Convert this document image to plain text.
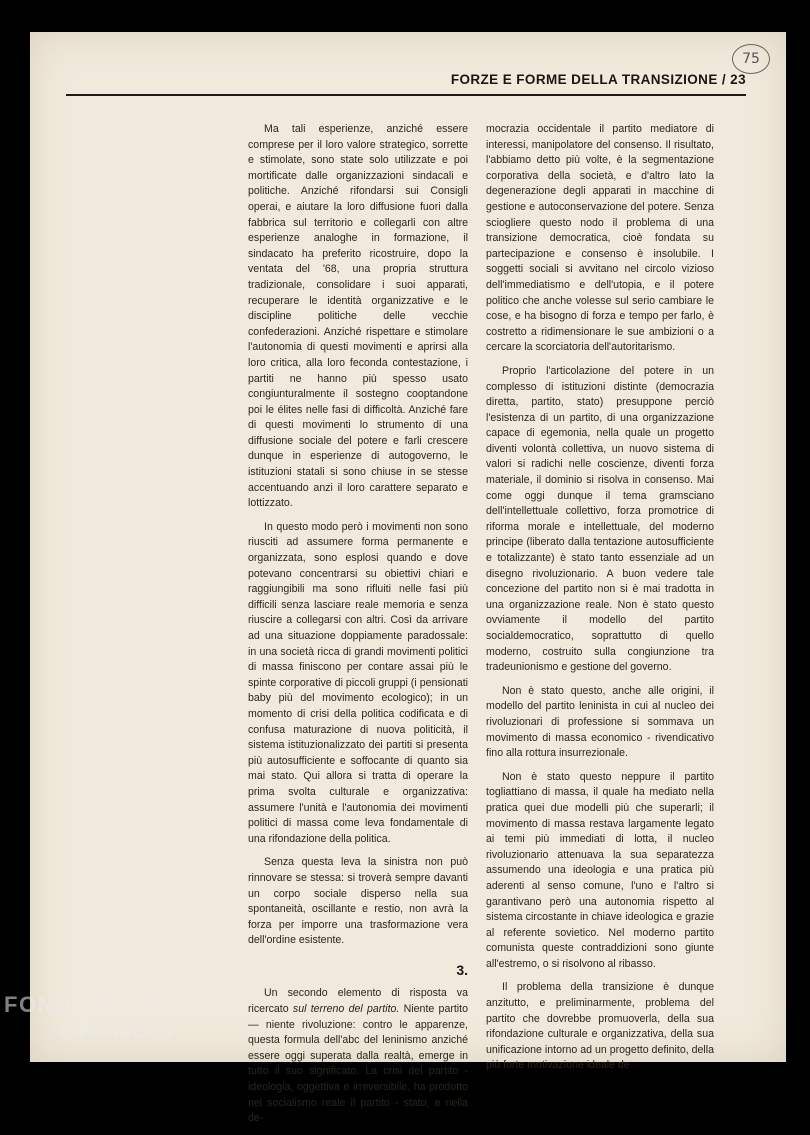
FORZE E FORME DELLA TRANSIZIONE / 23
75

Ma tali esperienze, anziché essere comprese per il loro valore strategico, sorrette e stimolate, sono state solo utilizzate e poi mortificate dalle organizzazioni sindacali e politiche. Anziché rifondarsi sui Consigli operai, e aiutare la loro diffusione fuori dalla fabbrica sul territorio e collegarli con altre esperienze analoghe in formazione, il sindacato ha preferito ricostruire, dopo la ventata del '68, una propria struttura tradizionale, consolidare i suoi apparati, recuperare le identità organizzative e le discipline politiche delle vecchie confederazioni. Anziché rispettare e stimolare l'autonomia di questi movimenti e aprirsi alla loro critica, alla loro feconda contestazione, i partiti ne hanno più spesso usato congiunturalmente il sostegno cooptandone poi le élites nelle fasi di difficoltà. Anziché fare di questi movimenti lo strumento di una diffusione sociale del potere e farli crescere dunque in esperienze di autogoverno, le istituzioni statali si sono chiuse in se stesse accentuando anzi il loro carattere separato e lottizzato.

In questo modo però i movimenti non sono riusciti ad assumere forma permanente e organizzata, sono esplosi quando e dove potevano concentrarsi su obiettivi chiari e raggiungibili ma sono rifluiti nelle fasi più difficili senza lasciare reale memoria e senza riuscire a collegarsi con altri. Così da arrivare ad una situazione doppiamente paradossale: in una società ricca di grandi movimenti politici di massa finiscono per contare assai più le spinte corporative di piccoli gruppi (i pensionati baby più del movimento ecologico); in un momento di crisi della politica codificata e di confusa maturazione di nuova politicità, il sistema istituzionalizzato dei partiti si presenta più autosufficiente e soffocante di quanto sia mai stato. Qui allora si tratta di operare la prima svolta culturale e organizzativa: assumere l'unità e l'autonomia dei movimenti politici di massa come leva fondamentale di una rifondazione della politica.

Senza questa leva la sinistra non può rinnovare se stessa: si troverà sempre davanti un corpo sociale disperso nella sua spontaneità, oscillante e restio, non avrà la forza per imporre una trasformazione vera dell'ordine esistente.

3.

Un secondo elemento di risposta va ricercato sul terreno del partito. Niente partito — niente rivoluzione: contro le apparenze, questa formula dell'abc del leninismo anziché essere oggi superata dalla realtà, emerge in tutto il suo significato. La crisi del partito - ideologia, oggettiva e irreversibile, ha prodotto nel socialismo reale il partito - stato, e nella de-

mocrazia occidentale il partito mediatore di interessi, manipolatore del consenso. Il risultato, l'abbiamo detto più volte, è la segmentazione corporativa della società, e d'altro lato la degenerazione degli apparati in macchine di gestione e autoconservazione del potere. Senza sciogliere questo nodo il problema di una transizione democratica, cioè fondata su partecipazione e consenso è insolubile. I soggetti sociali si avvitano nel circolo vizioso dell'immediatismo e dell'utopia, e il potere politico che anche volesse sul serio cambiare le cose, e ha bisogno di forza e tempo per farlo, è costretto a ridimensionare le sue ambizioni o a cercare la scorciatoria dell'autoritarismo.

Proprio l'articolazione del potere in un complesso di istituzioni distinte (democrazia diretta, partito, stato) presuppone perciò l'esistenza di un partito, di una organizzazione capace di egemonia, nella quale un progetto diventi volontà collettiva, un nuovo sistema di valori si radichi nelle coscienze, diventi forza materiale, il dominio si risolva in consenso. Mai come oggi dunque il tema gramsciano dell'intellettuale collettivo, forza promotrice di riforma morale e intellettuale, del moderno principe (liberato dalla tentazione autosufficiente e totalizzante) è stato tanto essenziale ad un disegno rivoluzionario. A buon vedere tale concezione del partito non si è mai tradotta in una organizzazione reale. Non è stato questo ovviamente il modello del partito socialdemocratico, soprattutto di quello moderno, costruito sulla congiunzione tra tradeunionismo e gestione del governo.

Non è stato questo, anche alle origini, il modello del partito leninista in cui al nucleo dei rivoluzionari di professione si sommava un movimento di massa economico - rivendicativo fino alla rottura insurrezionale.

Non è stato questo neppure il partito togliattiano di massa, il quale ha mediato nella pratica quei due modelli più che superarli; il movimento di massa restava largamente legato ai temi più immediati di lotta, il nucleo rivoluzionario attenuava la sua separatezza assumendo una ideologia e una pratica più aderenti al senso comune, l'uno e l'altro si garantivano però una autonomia rispetto al sistema circostante in chiave ideologica e grazie al referente sovietico. Nel moderno partito comunista queste contraddizioni sono giunte all'estremo, o si risolvono al ribasso.

Il problema della transizione è dunque anzitutto, e preliminarmente, problema del partito che dovrebbe promuoverla, della sua rifondazione culturale e organizzativa, della sua unificazione intorno ad un progetto definito, della più forte motivazione ideale de

FONDAZIONE
GRAMSCI
